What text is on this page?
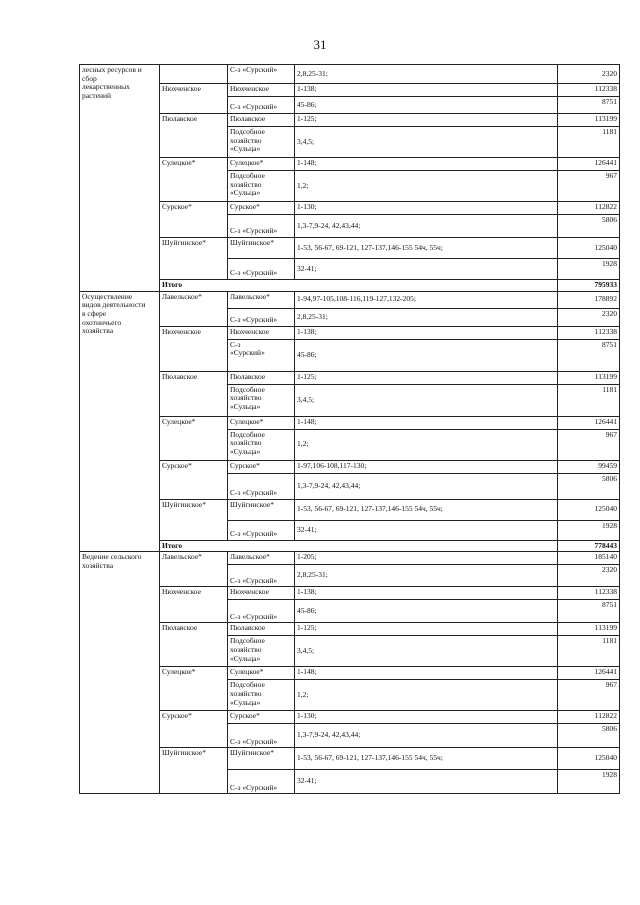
31
лесных ресурсов и
сбор
лекарственных
растений		С-з «Сурский»	2,8,25-31;	2320
	Нюхченское	Нюхченское	1-138;	112338
		С-з «Сурский»	45-86;	8751
	Пюлавское	Пюлавское	1-125;	113199
		Подсобное
хозяйство
«Сульца»	3,4,5;	1181
	Сулецкое*	Сулецкое*	1-148;	126441
		Подсобное
хозяйство
«Сульца»	1,2;	967
	Сурское*	Сурское*	1-130;	112822
		С-з «Сурский»	1,3-7,9-24, 42,43,44;	5806
	Шуйгинское*	Шуйгинское*	1-53, 56-67, 69-121, 127-137,146-155 54ч, 55ч;	125040
		С-з «Сурский»	32-41;	1928
	Итого			795933
Осуществление
видов деятельности
в сфере
охотничьего
хозяйства	Лавельское*	Лавельское*	1-94,97-105,108-116,119-127,132-205;	178892
		С-з «Сурский»	2,8,25-31;	2320
	Нюхченское	Нюхченское	1-138;	112338
		С-з
«Сурский»	45-86;	8751
	Пюлавское	Пюлавское	1-125;	113199
		Подсобное
хозяйство
«Сульца»	3,4,5;	1181
	Сулецкое*	Сулецкое*	1-148;	126441
		Подсобное
хозяйство
«Сульца»	1,2;	967
	Сурское*	Сурское*	1-97,106-108,117-130;	99459
		С-з «Сурский»	1,3-7,9-24, 42,43,44;	5806
	Шуйгинское*	Шуйгинское*	1-53, 56-67, 69-121, 127-137,146-155 54ч, 55ч;	125040
		С-з «Сурский»	32-41;	1928
	Итого			778443
Ведение сельского
хозяйства	Лавельское*	Лавельское*	1-205;	185140
		С-з «Сурский»	2,8,25-31;	2320
	Нюхченское	Нюхченское	1-138;	112338
		С-з «Сурский»	45-86;	8751
	Пюлавское	Пюлавское	1-125;	113199
		Подсобное
хозяйство
«Сульца»	3,4,5;	1181
	Сулецкое*	Сулецкое*	1-148;	126441
		Подсобное
хозяйство
«Сульца»	1,2;	967
	Сурское*	Сурское*	1-130;	112822
		С-з «Сурский»	1,3-7,9-24, 42,43,44;	5806
	Шуйгинское*	Шуйгинское*	1-53, 56-67, 69-121, 127-137,146-155 54ч, 55ч;	125040
		С-з «Сурский»	32-41;	1928
